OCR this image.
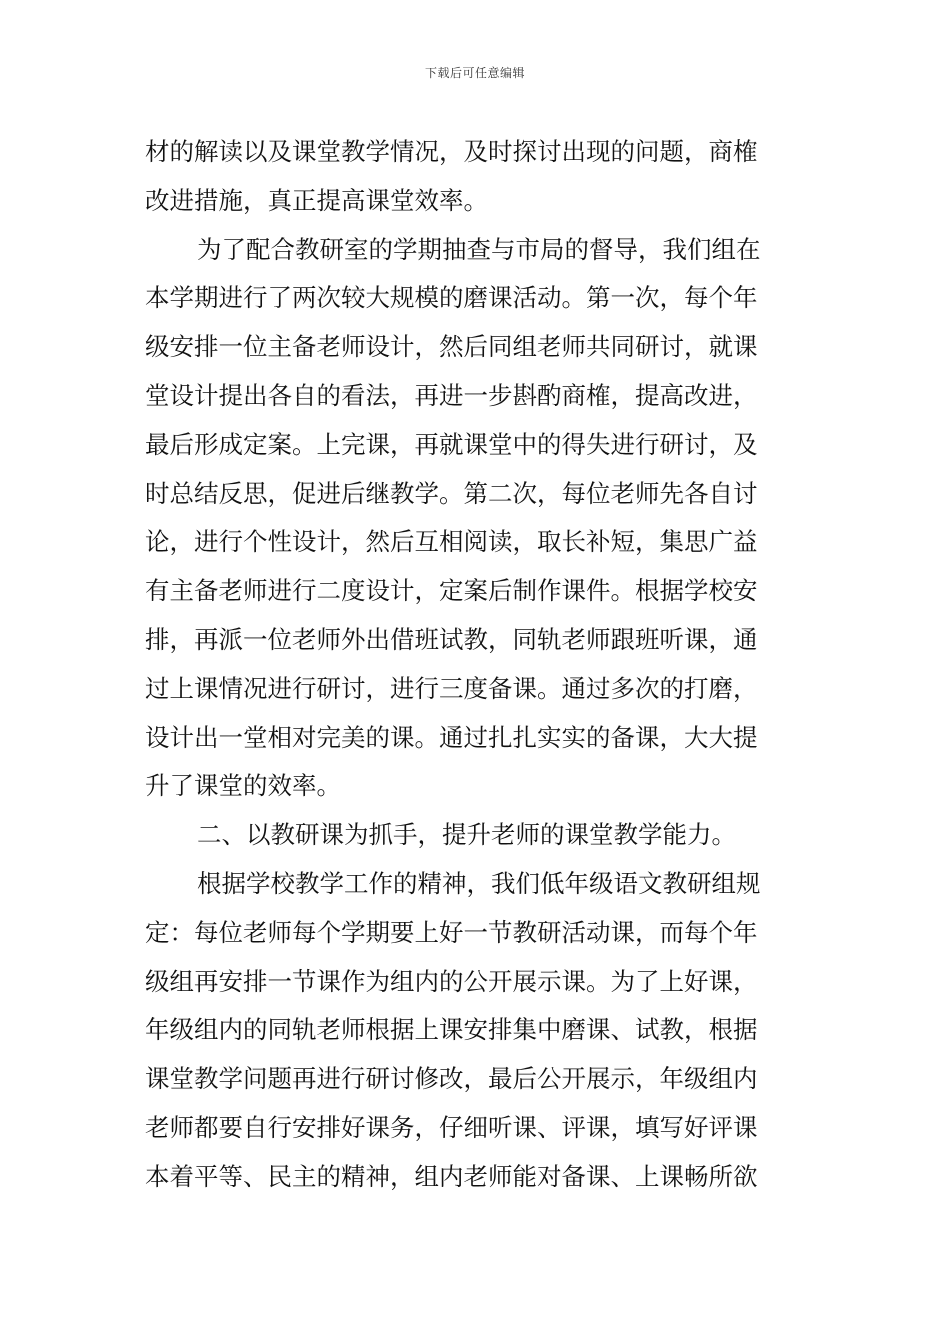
下载后可任意编辑
材的解读以及课堂教学情况，及时探讨出现的问题，商榷
改进措施，真正提高课堂效率。
为了配合教研室的学期抽查与市局的督导，我们组在
本学期进行了两次较大规模的磨课活动。第一次，每个年
级安排一位主备老师设计，然后同组老师共同研讨，就课
堂设计提出各自的看法，再进一步斟酌商榷，提高改进，
最后形成定案。上完课，再就课堂中的得失进行研讨，及
时总结反思，促进后继教学。第二次，每位老师先各自讨
论，进行个性设计，然后互相阅读，取长补短，集思广益
有主备老师进行二度设计，定案后制作课件。根据学校安
排，再派一位老师外出借班试教，同轨老师跟班听课，通
过上课情况进行研讨，进行三度备课。通过多次的打磨，
设计出一堂相对完美的课。通过扎扎实实的备课，大大提
升了课堂的效率。
二、以教研课为抓手，提升老师的课堂教学能力。
根据学校教学工作的精神，我们低年级语文教研组规
定：每位老师每个学期要上好一节教研活动课，而每个年
级组再安排一节课作为组内的公开展示课。为了上好课，
年级组内的同轨老师根据上课安排集中磨课、试教，根据
课堂教学问题再进行研讨修改，最后公开展示，年级组内
老师都要自行安排好课务，仔细听课、评课，填写好评课
本着平等、民主的精神，组内老师能对备课、上课畅所欲
